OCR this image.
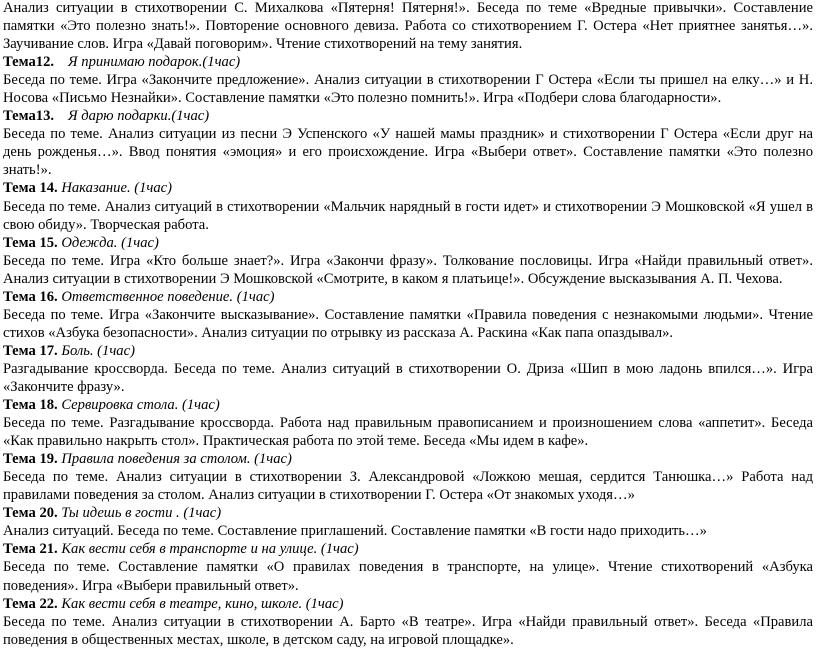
Анализ ситуации в стихотворении С. Михалкова «Пятерня! Пятерня!». Беседа по теме «Вредные привычки». Составление памятки «Это полезно знать!». Повторение основного девиза. Работа со стихотворением Г. Остера «Нет приятнее занятья…». Заучивание слов. Игра «Давай поговорим». Чтение стихотворений на тему занятия.

Тема12. Я принимаю подарок.(1час)

Беседа по теме. Игра «Закончите предложение». Анализ ситуации в стихотворении Г Остера «Если ты пришел на елку…» и Н. Носова «Письмо Незнайки». Составление памятки «Это полезно помнить!». Игра «Подбери слова благодарности».

Тема13. Я дарю подарки.(1час)

Беседа по теме. Анализ ситуации из песни Э Успенского «У нашей мамы праздник» и стихотворении Г Остера «Если друг на день рожденья…». Ввод понятия «эмоция» и его происхождение. Игра «Выбери ответ». Составление памятки «Это полезно знать!».

Тема 14. Наказание. (1час)

Беседа по теме. Анализ ситуаций в стихотворении «Мальчик нарядный в гости идет» и стихотворении Э Мошковской «Я ушел в свою обиду». Творческая работа.

Тема 15. Одежда. (1час)

Беседа по теме. Игра «Кто больше знает?». Игра «Закончи фразу». Толкование пословицы. Игра «Найди правильный ответ». Анализ ситуации в стихотворении Э Мошковской «Смотрите, в каком я платьице!». Обсуждение высказывания А. П. Чехова.

Тема 16. Ответственное поведение. (1час)

Беседа по теме. Игра «Закончите высказывание». Составление памятки «Правила поведения с незнакомыми людьми». Чтение стихов «Азбука безопасности». Анализ ситуации по отрывку из рассказа А. Раскина «Как папа опаздывал».

Тема 17. Боль. (1час)

Разгадывание кроссворда. Беседа по теме. Анализ ситуаций в стихотворении О. Дриза «Шип в мою ладонь впился…». Игра «Закончите фразу».

Тема 18. Сервировка стола. (1час)

Беседа по теме. Разгадывание кроссворда. Работа над правильным правописанием и произношением слова «аппетит». Беседа «Как правильно накрыть стол». Практическая работа по этой теме. Беседа «Мы идем в кафе».

Тема 19. Правила поведения за столом. (1час)

Беседа по теме. Анализ ситуации в стихотворении З. Александровой «Ложкою мешая, сердится Танюшка…» Работа над правилами поведения за столом. Анализ ситуации в стихотворении Г. Остера «От знакомых уходя…»

Тема 20. Ты идешь в гости . (1час)

Анализ ситуаций. Беседа по теме. Составление приглашений. Составление памятки «В гости надо приходить…»

Тема 21. Как вести себя в транспорте и на улице. (1час)

Беседа по теме. Составление памятки «О правилах поведения в транспорте, на улице». Чтение стихотворений «Азбука поведения». Игра «Выбери правильный ответ».

Тема 22. Как вести себя в театре, кино, школе. (1час)

Беседа по теме. Анализ ситуации в стихотворении А. Барто «В театре». Игра «Найди правильный ответ». Беседа «Правила поведения в общественных местах, школе, в детском саду, на игровой площадке».
